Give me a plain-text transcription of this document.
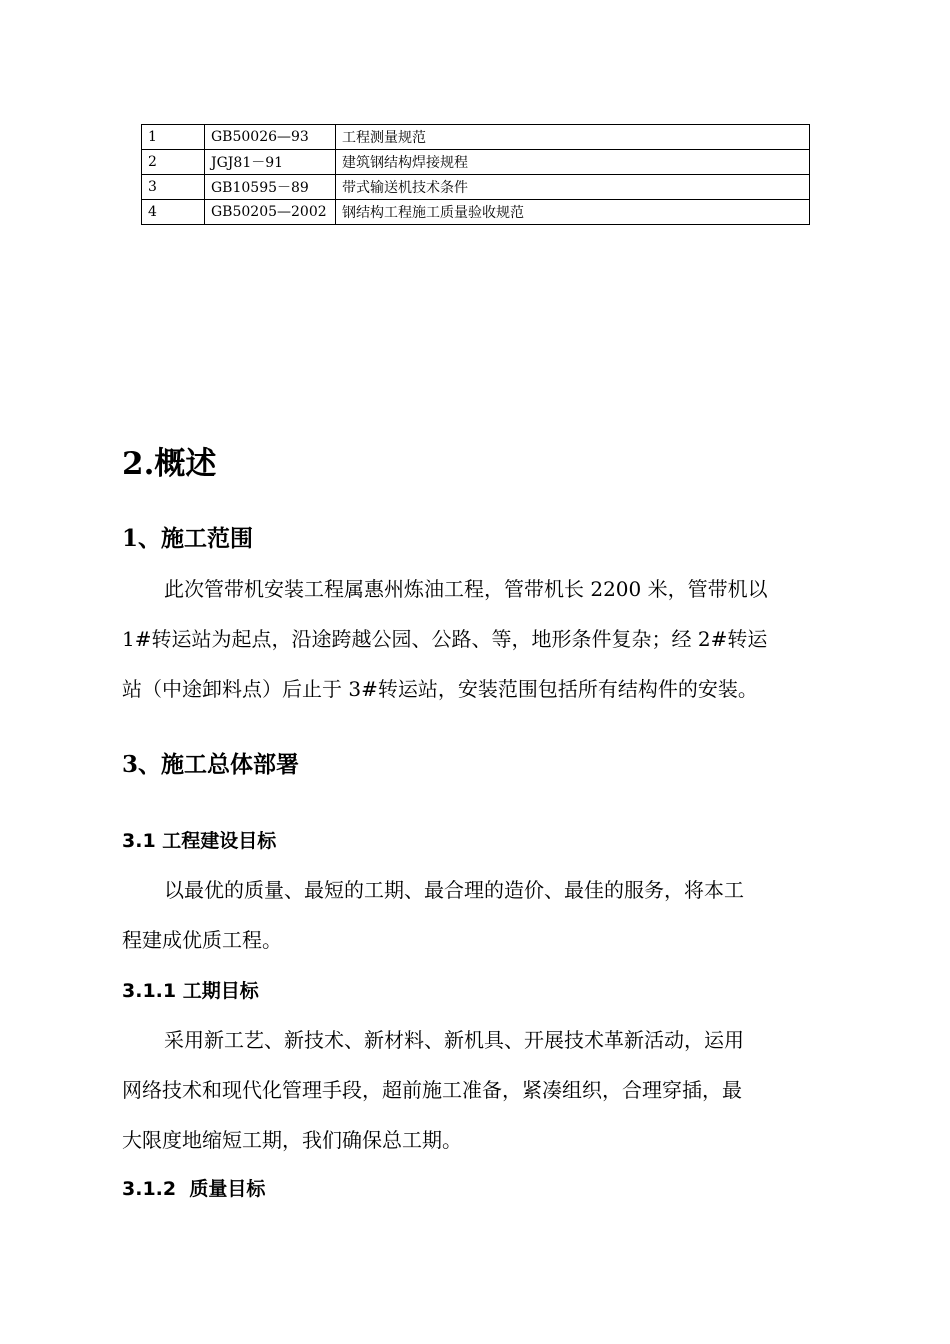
1	GB50026—93	工程测量规范
2	JGJ81－91	建筑钢结构焊接规程
3	GB10595－89	带式输送机技术条件
4	GB50205—2002	钢结构工程施工质量验收规范
2.概述
1、施工范围
此次管带机安装工程属惠州炼油工程，管带机长 2200 米，管带机以
1#转运站为起点，沿途跨越公园、公路、等，地形条件复杂；经 2#转运
站（中途卸料点）后止于 3#转运站，安装范围包括所有结构件的安装。
3、施工总体部署
3.1 工程建设目标
以最优的质量、最短的工期、最合理的造价、最佳的服务，将本工
程建成优质工程。
3.1.1 工期目标
采用新工艺、新技术、新材料、新机具、开展技术革新活动，运用
网络技术和现代化管理手段，超前施工准备，紧凑组织，合理穿插，最
大限度地缩短工期，我们确保总工期。
3.1.2  质量目标
